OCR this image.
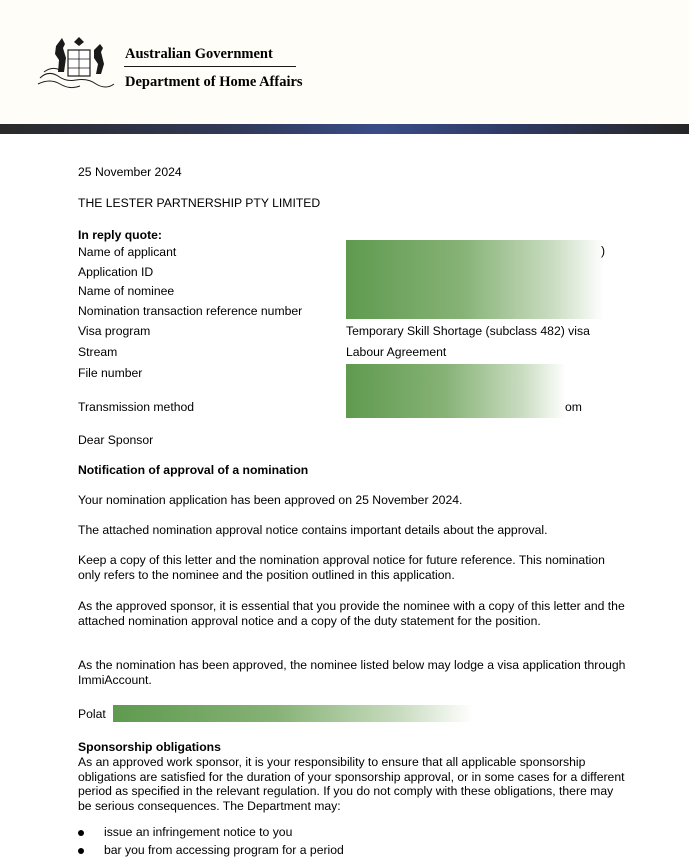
Australian Government
Department of Home Affairs
25 November 2024
THE LESTER PARTNERSHIP PTY LIMITED
In reply quote:
Name of applicant
Application ID
Name of nominee
Nomination transaction reference number
Visa program
Stream
File number
Transmission method
)
Temporary Skill Shortage (subclass 482) visa
Labour Agreement
om
Dear Sponsor
Notification of approval of a nomination

Your nomination application has been approved on 25 November 2024.

The attached nomination approval notice contains important details about the approval.

Keep a copy of this letter and the nomination approval notice for future reference. This nomination only refers to the nominee and the position outlined in this application.

As the approved sponsor, it is essential that you provide the nominee with a copy of this letter and the attached nomination approval notice and a copy of the duty statement for the position.

As the nomination has been approved, the nominee listed below may lodge a visa application through ImmiAccount.

Polat
Sponsorship obligations

As an approved work sponsor, it is your responsibility to ensure that all applicable sponsorship obligations are satisfied for the duration of your sponsorship approval, or in some cases for a different period as specified in the relevant regulation. If you do not comply with these obligations, there may be serious consequences. The Department may:

issue an infringement notice to you
bar you from accessing program for a period
